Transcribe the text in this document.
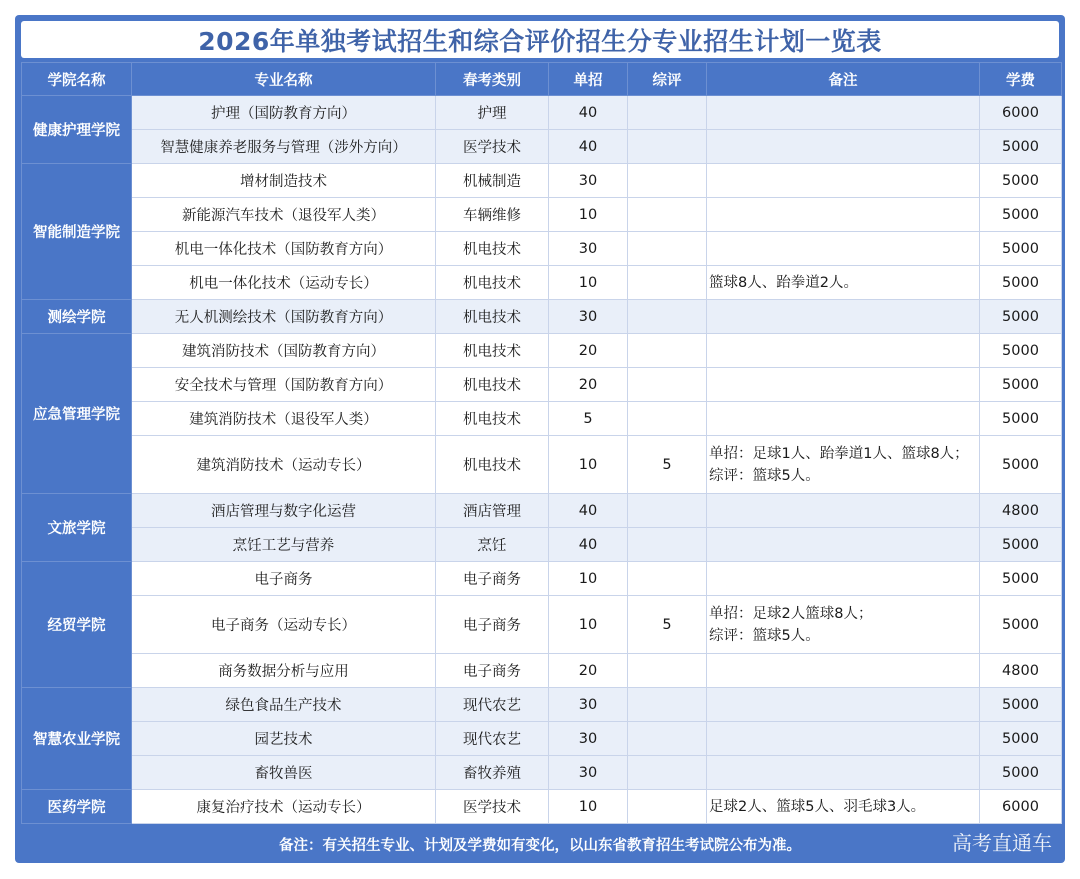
2026年单独考试招生和综合评价招生分专业招生计划一览表
学院名称	专业名称	春考类别	单招	综评	备注	学费
健康护理学院	护理（国防教育方向）	护理	40			6000
	智慧健康养老服务与管理（涉外方向）	医学技术	40			5000
智能制造学院	增材制造技术	机械制造	30			5000
	新能源汽车技术（退役军人类）	车辆维修	10			5000
	机电一体化技术（国防教育方向）	机电技术	30			5000
	机电一体化技术（运动专长）	机电技术	10		篮球8人、跆拳道2人。	5000
测绘学院	无人机测绘技术（国防教育方向）	机电技术	30			5000
应急管理学院	建筑消防技术（国防教育方向）	机电技术	20			5000
	安全技术与管理（国防教育方向）	机电技术	20			5000
	建筑消防技术（退役军人类）	机电技术	5			5000
	建筑消防技术（运动专长）	机电技术	10	5	单招：足球1人、跆拳道1人、篮球8人；
综评：篮球5人。	5000
文旅学院	酒店管理与数字化运营	酒店管理	40			4800
	烹饪工艺与营养	烹饪	40			5000
经贸学院	电子商务	电子商务	10			5000
	电子商务（运动专长）	电子商务	10	5	单招：足球2人篮球8人；
综评：篮球5人。	5000
	商务数据分析与应用	电子商务	20			4800
智慧农业学院	绿色食品生产技术	现代农艺	30			5000
	园艺技术	现代农艺	30			5000
	畜牧兽医	畜牧养殖	30			5000
医药学院	康复治疗技术（运动专长）	医学技术	10		足球2人、篮球5人、羽毛球3人。	6000
备注：有关招生专业、计划及学费如有变化，以山东省教育招生考试院公布为准。	高考直通车
